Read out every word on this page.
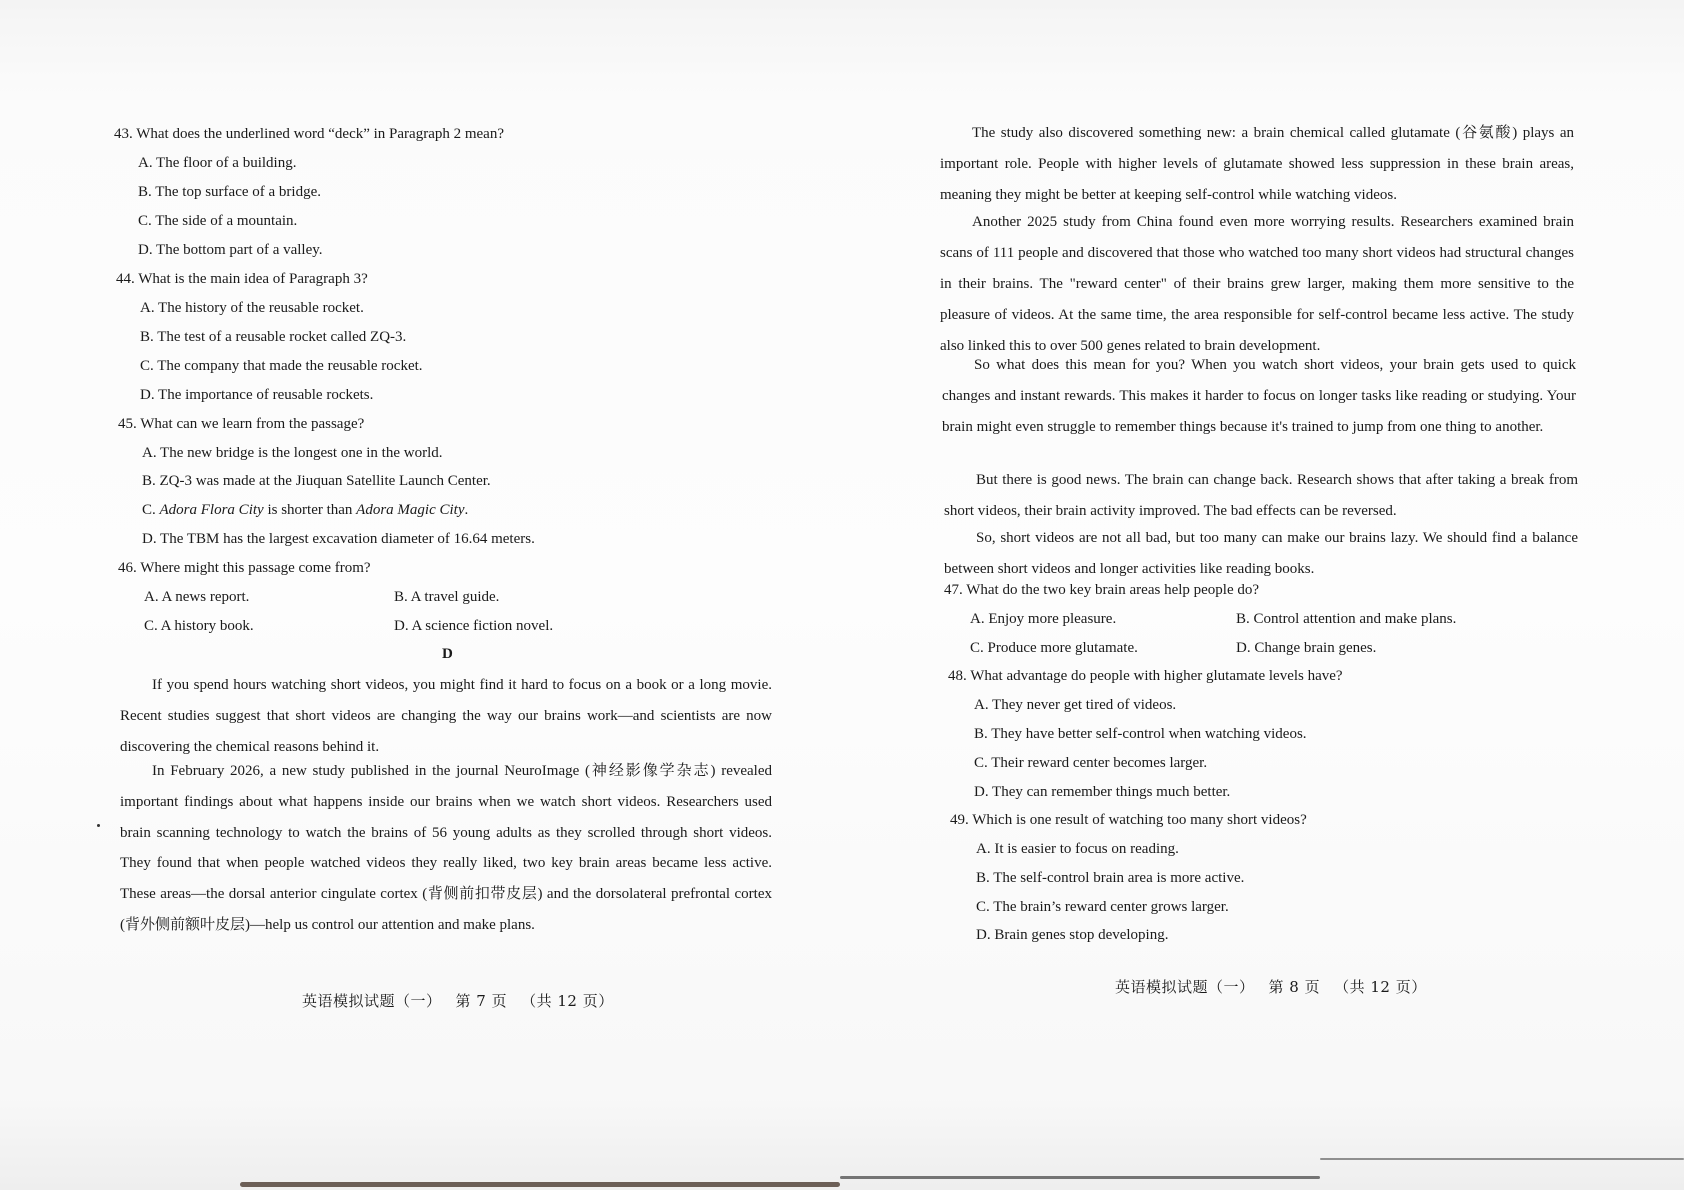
43. What does the underlined word “deck” in Paragraph 2 mean?
A. The floor of a building.
B. The top surface of a bridge.
C. The side of a mountain.
D. The bottom part of a valley.
44. What is the main idea of Paragraph 3?
A. The history of the reusable rocket.
B. The test of a reusable rocket called ZQ-3.
C. The company that made the reusable rocket.
D. The importance of reusable rockets.
45. What can we learn from the passage?
A. The new bridge is the longest one in the world.
B. ZQ-3 was made at the Jiuquan Satellite Launch Center.
C. Adora Flora City is shorter than Adora Magic City.
D. The TBM has the largest excavation diameter of 16.64 meters.
46. Where might this passage come from?
A. A news report.	B. A travel guide.
C. A history book.	D. A science fiction novel.
D
If you spend hours watching short videos, you might find it hard to focus on a book or a long movie. Recent studies suggest that short videos are changing the way our brains work—and scientists are now discovering the chemical reasons behind it.
In February 2026, a new study published in the journal NeuroImage (神经影像学杂志) revealed important findings about what happens inside our brains when we watch short videos. Researchers used brain scanning technology to watch the brains of 56 young adults as they scrolled through short videos. They found that when people watched videos they really liked, two key brain areas became less active. These areas—the dorsal anterior cingulate cortex (背侧前扣带皮层) and the dorsolateral prefrontal cortex (背外侧前额叶皮层)—help us control our attention and make plans.
英语模拟试题（一） 第 7 页 （共 12 页）
The study also discovered something new: a brain chemical called glutamate (谷氨酸) plays an important role. People with higher levels of glutamate showed less suppression in these brain areas, meaning they might be better at keeping self-control while watching videos.
Another 2025 study from China found even more worrying results. Researchers examined brain scans of 111 people and discovered that those who watched too many short videos had structural changes in their brains. The "reward center" of their brains grew larger, making them more sensitive to the pleasure of videos. At the same time, the area responsible for self-control became less active. The study also linked this to over 500 genes related to brain development.
So what does this mean for you? When you watch short videos, your brain gets used to quick changes and instant rewards. This makes it harder to focus on longer tasks like reading or studying. Your brain might even struggle to remember things because it's trained to jump from one thing to another.
But there is good news. The brain can change back. Research shows that after taking a break from short videos, their brain activity improved. The bad effects can be reversed.
So, short videos are not all bad, but too many can make our brains lazy. We should find a balance between short videos and longer activities like reading books.
47. What do the two key brain areas help people do?
A. Enjoy more pleasure.	B. Control attention and make plans.
C. Produce more glutamate.	D. Change brain genes.
48. What advantage do people with higher glutamate levels have?
A. They never get tired of videos.
B. They have better self-control when watching videos.
C. Their reward center becomes larger.
D. They can remember things much better.
49. Which is one result of watching too many short videos?
A. It is easier to focus on reading.
B. The self-control brain area is more active.
C. The brain’s reward center grows larger.
D. Brain genes stop developing.
英语模拟试题（一） 第 8 页 （共 12 页）
